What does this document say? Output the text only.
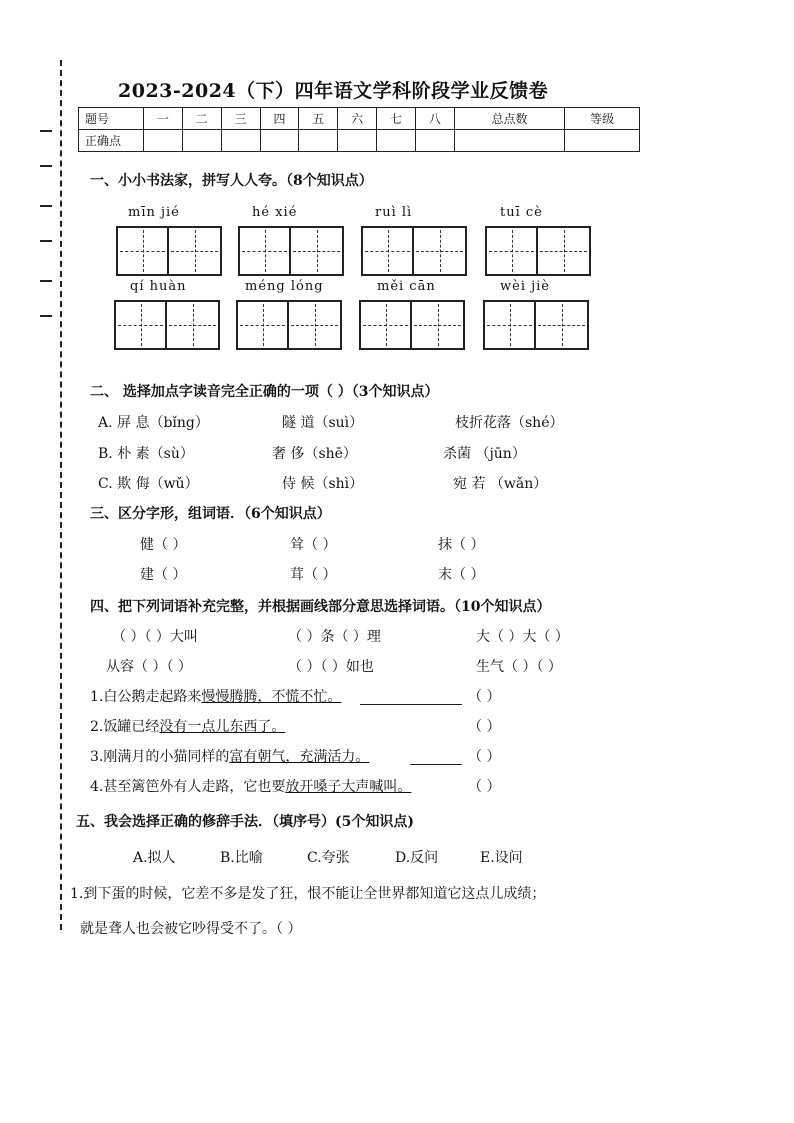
2023-2024（下）四年语文学科阶段学业反馈卷
题号	一	二	三	四	五	六	七	八	总点数	等级
正确点										
一、小小书法家，拼写人人夸。（8个知识点）
mīn jié	hé xié	ruì lì	tuī cè
qí huàn	méng lóng	měi cān	wèi jiè
二、 选择加点字读音完全正确的一项（ ）（3个知识点）
A. 屏 息（bǐng）	隧 道（suì）	枝折花落（shé）
B. 朴 素（sù）	奢 侈（shē）	杀菌 （jūn）
C. 欺 侮（wǔ）	侍 候（shì）	宛 若 （wǎn）
三、区分字形，组词语．（6个知识点）
健（ ）	耸（ ）	抹（ ）
建（ ）	茸（ ）	末（ ）
四、把下列词语补充完整，并根据画线部分意思选择词语。（10个知识点）
（ ）（ ）大叫	（ ）条（ ）理	大（ ）大（ ）
从容（ ）（ ）	（ ）（ ）如也	生气（ ）（ ）
1.白公鹅走起路来慢慢腾腾，不慌不忙。	（ ）
2.饭罐已经没有一点儿东西了。	（ ）
3.刚满月的小猫同样的富有朝气，充满活力。	（ ）
4.甚至篱笆外有人走路，它也要放开嗓子大声喊叫。	（ ）
五、我会选择正确的修辞手法．（填序号）(5个知识点)
A.拟人	B.比喻	C.夸张	D.反问	E.设问
1.到下蛋的时候，它差不多是发了狂，恨不能让全世界都知道它这点儿成绩；
就是聋人也会被它吵得受不了。（ ）
